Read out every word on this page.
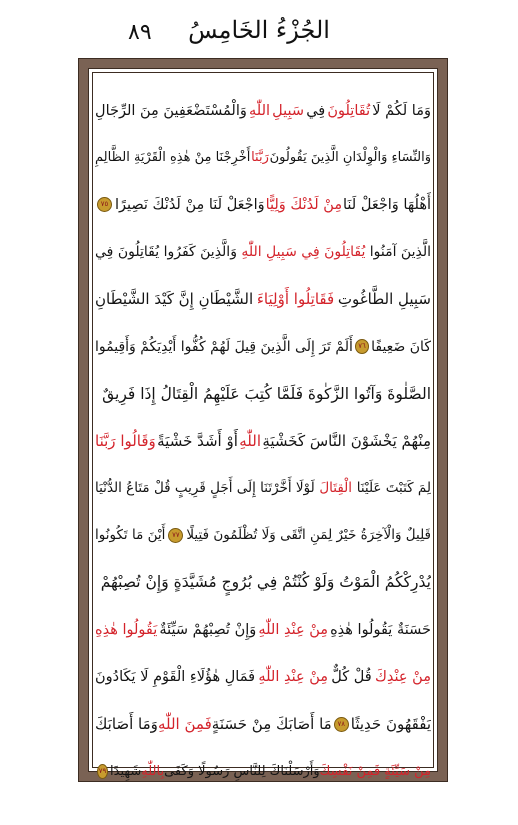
٨٩	الجُزْءُ الخَامِسُ
وَمَا لَكُمْ لَا
تُقَاتِلُونَ
فِي
سَبِيلِ
اللّٰهِ
وَالْمُسْتَضْعَفِينَ مِنَ الرِّجَالِ
وَالنِّسَاءِ وَالْوِلْدَانِ الَّذِينَ يَقُولُونَ
رَبَّنَا
أَخْرِجْنَا مِنْ هٰذِهِ الْقَرْيَةِ الظَّالِمِ
أَهْلُهَا وَاجْعَلْ لَنَا
مِنْ لَدُنْكَ وَلِيًّا
وَاجْعَلْ لَنَا مِنْ لَدُنْكَ نَصِيرًا
٧٥
الَّذِينَ آمَنُوا
يُقَاتِلُونَ فِي سَبِيلِ اللّٰهِ
وَالَّذِينَ كَفَرُوا يُقَاتِلُونَ فِي
سَبِيلِ الطَّاغُوتِ
فَقَاتِلُوا أَوْلِيَاءَ
الشَّيْطَانِ إِنَّ كَيْدَ الشَّيْطَانِ
كَانَ ضَعِيفًا
٧٦
أَلَمْ تَرَ إِلَى الَّذِينَ قِيلَ لَهُمْ كُفُّوا أَيْدِيَكُمْ وَأَقِيمُوا
الصَّلٰوةَ وَآتُوا الزَّكٰوةَ فَلَمَّا كُتِبَ عَلَيْهِمُ الْقِتَالُ إِذَا فَرِيقٌ
مِنْهُمْ يَخْشَوْنَ النَّاسَ كَخَشْيَةِ
اللّٰهِ
أَوْ أَشَدَّ خَشْيَةً
وَقَالُوا رَبَّنَا
لِمَ كَتَبْتَ عَلَيْنَا
الْقِتَالَ
لَوْلَا أَخَّرْتَنَا إِلَى أَجَلٍ قَرِيبٍ قُلْ مَتَاعُ الدُّنْيَا
قَلِيلٌ وَالْآخِرَةُ خَيْرٌ لِمَنِ اتَّقَى وَلَا تُظْلَمُونَ فَتِيلًا
٧٧
أَيْنَ مَا تَكُونُوا
يُدْرِكْكُمُ الْمَوْتُ وَلَوْ كُنْتُمْ فِي بُرُوجٍ مُشَيَّدَةٍ وَإِنْ تُصِبْهُمْ
حَسَنَةٌ يَقُولُوا هٰذِهِ
مِنْ عِنْدِ اللّٰهِ
وَإِنْ تُصِبْهُمْ سَيِّئَةٌ
يَقُولُوا هٰذِهِ
مِنْ عِنْدِكَ
قُلْ كُلٌّ
مِنْ عِنْدِ اللّٰهِ
فَمَالِ هٰؤُلَاءِ الْقَوْمِ لَا يَكَادُونَ
يَفْقَهُونَ حَدِيثًا
٧٨
مَا أَصَابَكَ مِنْ حَسَنَةٍ
فَمِنَ اللّٰهِ
وَمَا أَصَابَكَ
مِنْ سَيِّئَةٍ فَمِنْ نَفْسِكَ
وَأَرْسَلْنَاكَ لِلنَّاسِ رَسُولًا وَكَفَى
بِاللّٰهِ
شَهِيدًا
٧٩
